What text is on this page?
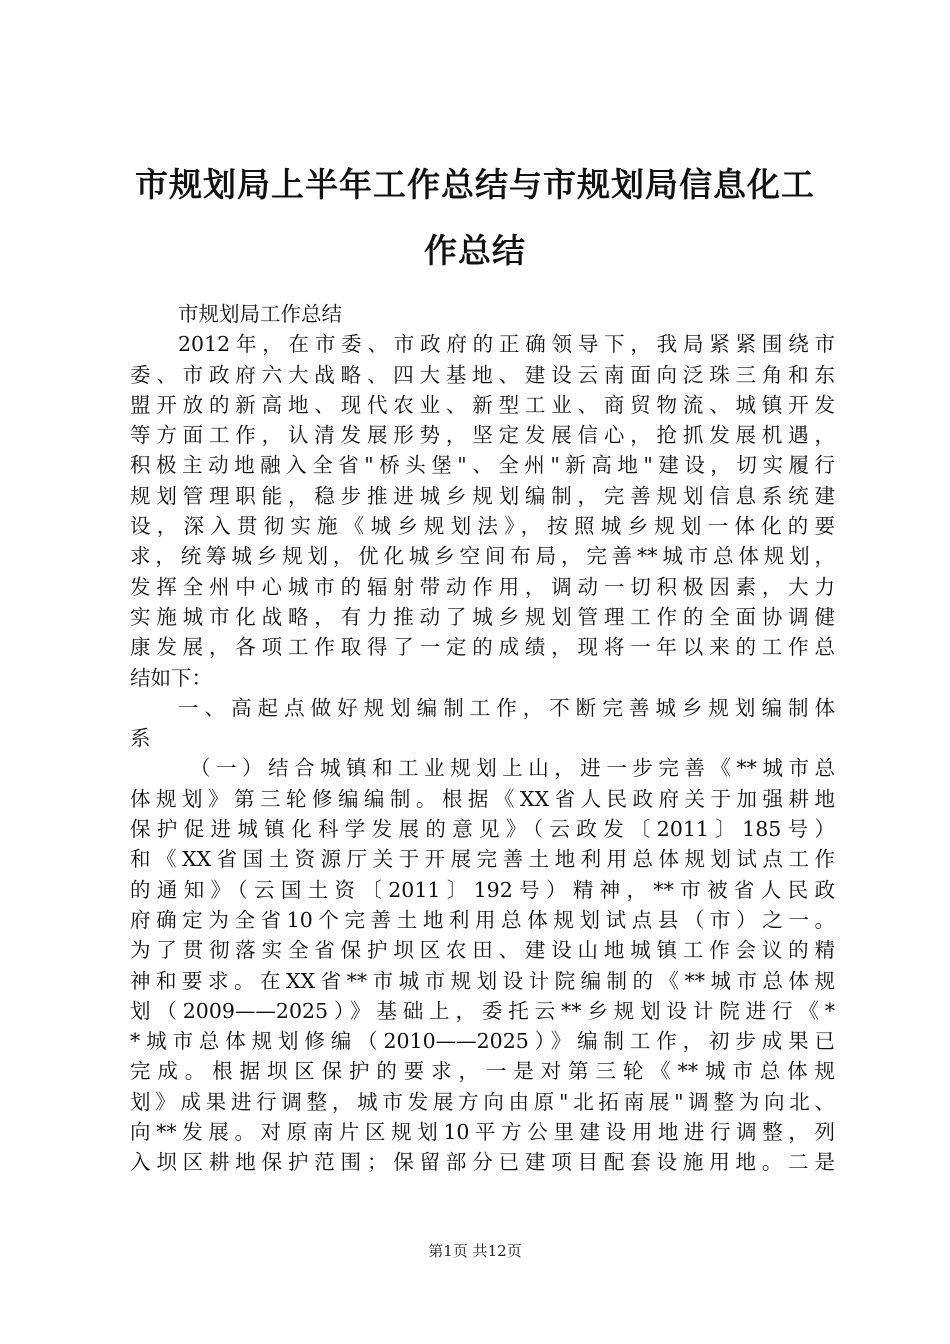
市规划局上半年工作总结与市规划局信息化工
作总结

市规划局工作总结

2012年，在市委、市政府的正确领导下，我局紧紧围绕市
委、市政府六大战略、四大基地、建设云南面向泛珠三角和东
盟开放的新高地、现代农业、新型工业、商贸物流、城镇开发
等方面工作，认清发展形势，坚定发展信心，抢抓发展机遇，
积极主动地融入全省"桥头堡"、全州"新高地"建设，切实履行
规划管理职能，稳步推进城乡规划编制，完善规划信息系统建
设，深入贯彻实施《城乡规划法》，按照城乡规划一体化的要
求，统筹城乡规划，优化城乡空间布局，完善**城市总体规划，
发挥全州中心城市的辐射带动作用，调动一切积极因素，大力
实施城市化战略，有力推动了城乡规划管理工作的全面协调健
康发展，各项工作取得了一定的成绩，现将一年以来的工作总
结如下：

一、高起点做好规划编制工作，不断完善城乡规划编制体
系

（一）结合城镇和工业规划上山，进一步完善《**城市总
体规划》第三轮修编编制。根据《XX省人民政府关于加强耕地
保护促进城镇化科学发展的意见》（云政发〔2011〕185号）
和《XX省国土资源厅关于开展完善土地利用总体规划试点工作
的通知》（云国土资〔2011〕192号）精神，**市被省人民政
府确定为全省10个完善土地利用总体规划试点县（市）之一。
为了贯彻落实全省保护坝区农田、建设山地城镇工作会议的精
神和要求。在XX省**市城市规划设计院编制的《**城市总体规
划（2009——2025）》基础上，委托云**乡规划设计院进行《*
*城市总体规划修编（2010——2025）》编制工作，初步成果已
完成。根据坝区保护的要求，一是对第三轮《**城市总体规
划》成果进行调整，城市发展方向由原"北拓南展"调整为向北、
向**发展。对原南片区规划10平方公里建设用地进行调整，列
入坝区耕地保护范围；保留部分已建项目配套设施用地。二是

第1页 共12页
